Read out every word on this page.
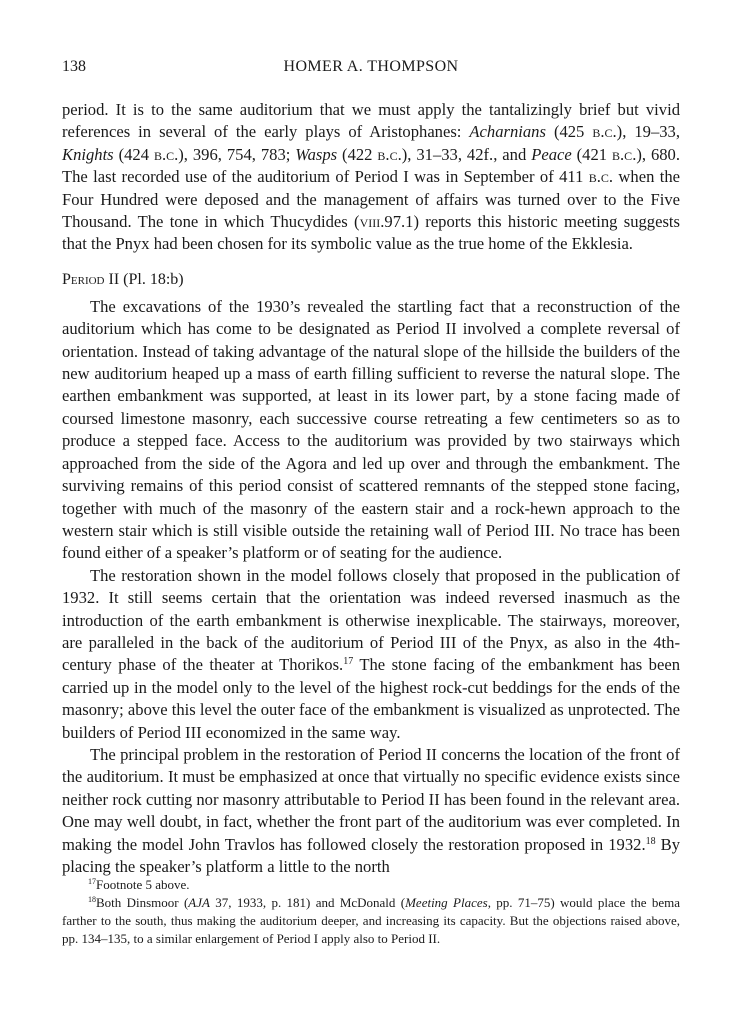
138	HOMER A. THOMPSON

period. It is to the same auditorium that we must apply the tantalizingly brief but vivid references in several of the early plays of Aristophanes: Acharnians (425 b.c.), 19–33, Knights (424 b.c.), 396, 754, 783; Wasps (422 b.c.), 31–33, 42f., and Peace (421 b.c.), 680. The last recorded use of the auditorium of Period I was in September of 411 b.c. when the Four Hundred were deposed and the management of affairs was turned over to the Five Thousand. The tone in which Thucydides (viii.97.1) reports this historic meeting suggests that the Pnyx had been chosen for its symbolic value as the true home of the Ekklesia.

Period II (Pl. 18:b)

The excavations of the 1930’s revealed the startling fact that a reconstruction of the auditorium which has come to be designated as Period II involved a complete reversal of orientation. Instead of taking advantage of the natural slope of the hillside the builders of the new auditorium heaped up a mass of earth filling sufficient to reverse the natural slope. The earthen embankment was supported, at least in its lower part, by a stone facing made of coursed limestone masonry, each successive course retreating a few centimeters so as to produce a stepped face. Access to the auditorium was provided by two stairways which approached from the side of the Agora and led up over and through the embankment. The surviving remains of this period consist of scattered remnants of the stepped stone facing, together with much of the masonry of the eastern stair and a rock-hewn approach to the western stair which is still visible outside the retaining wall of Period III. No trace has been found either of a speaker’s platform or of seating for the audience.

The restoration shown in the model follows closely that proposed in the publication of 1932. It still seems certain that the orientation was indeed reversed inasmuch as the introduction of the earth embankment is otherwise inexplicable. The stairways, moreover, are paralleled in the back of the auditorium of Period III of the Pnyx, as also in the 4th-century phase of the theater at Thorikos.$^{17}$ The stone facing of the embankment has been carried up in the model only to the level of the highest rock-cut beddings for the ends of the masonry; above this level the outer face of the embankment is visualized as unprotected. The builders of Period III economized in the same way.

The principal problem in the restoration of Period II concerns the location of the front of the auditorium. It must be emphasized at once that virtually no specific evidence exists since neither rock cutting nor masonry attributable to Period II has been found in the relevant area. One may well doubt, in fact, whether the front part of the auditorium was ever completed. In making the model John Travlos has followed closely the restoration proposed in 1932.18 By placing the speaker’s platform a little to the north

$^{17}$Footnote 5 above.

$^{18}$Both Dinsmoor (AJA 37, 1933, p. 181) and McDonald (Meeting Places, pp. 71–75) would place the bema farther to the south, thus making the auditorium deeper, and increasing its capacity. But the objections raised above, pp. 134–135, to a similar enlargement of Period I apply also to Period II.
